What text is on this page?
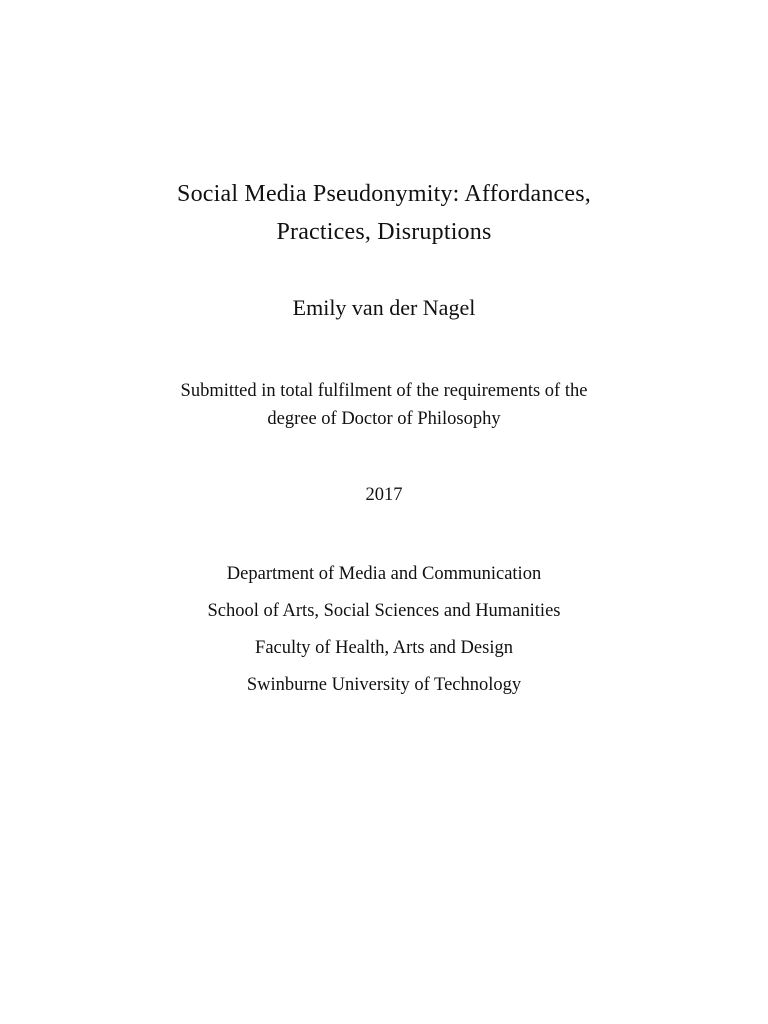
Social Media Pseudonymity: Affordances,
Practices, Disruptions
Emily van der Nagel
Submitted in total fulfilment of the requirements of the
degree of Doctor of Philosophy
2017
Department of Media and Communication
School of Arts, Social Sciences and Humanities
Faculty of Health, Arts and Design
Swinburne University of Technology
